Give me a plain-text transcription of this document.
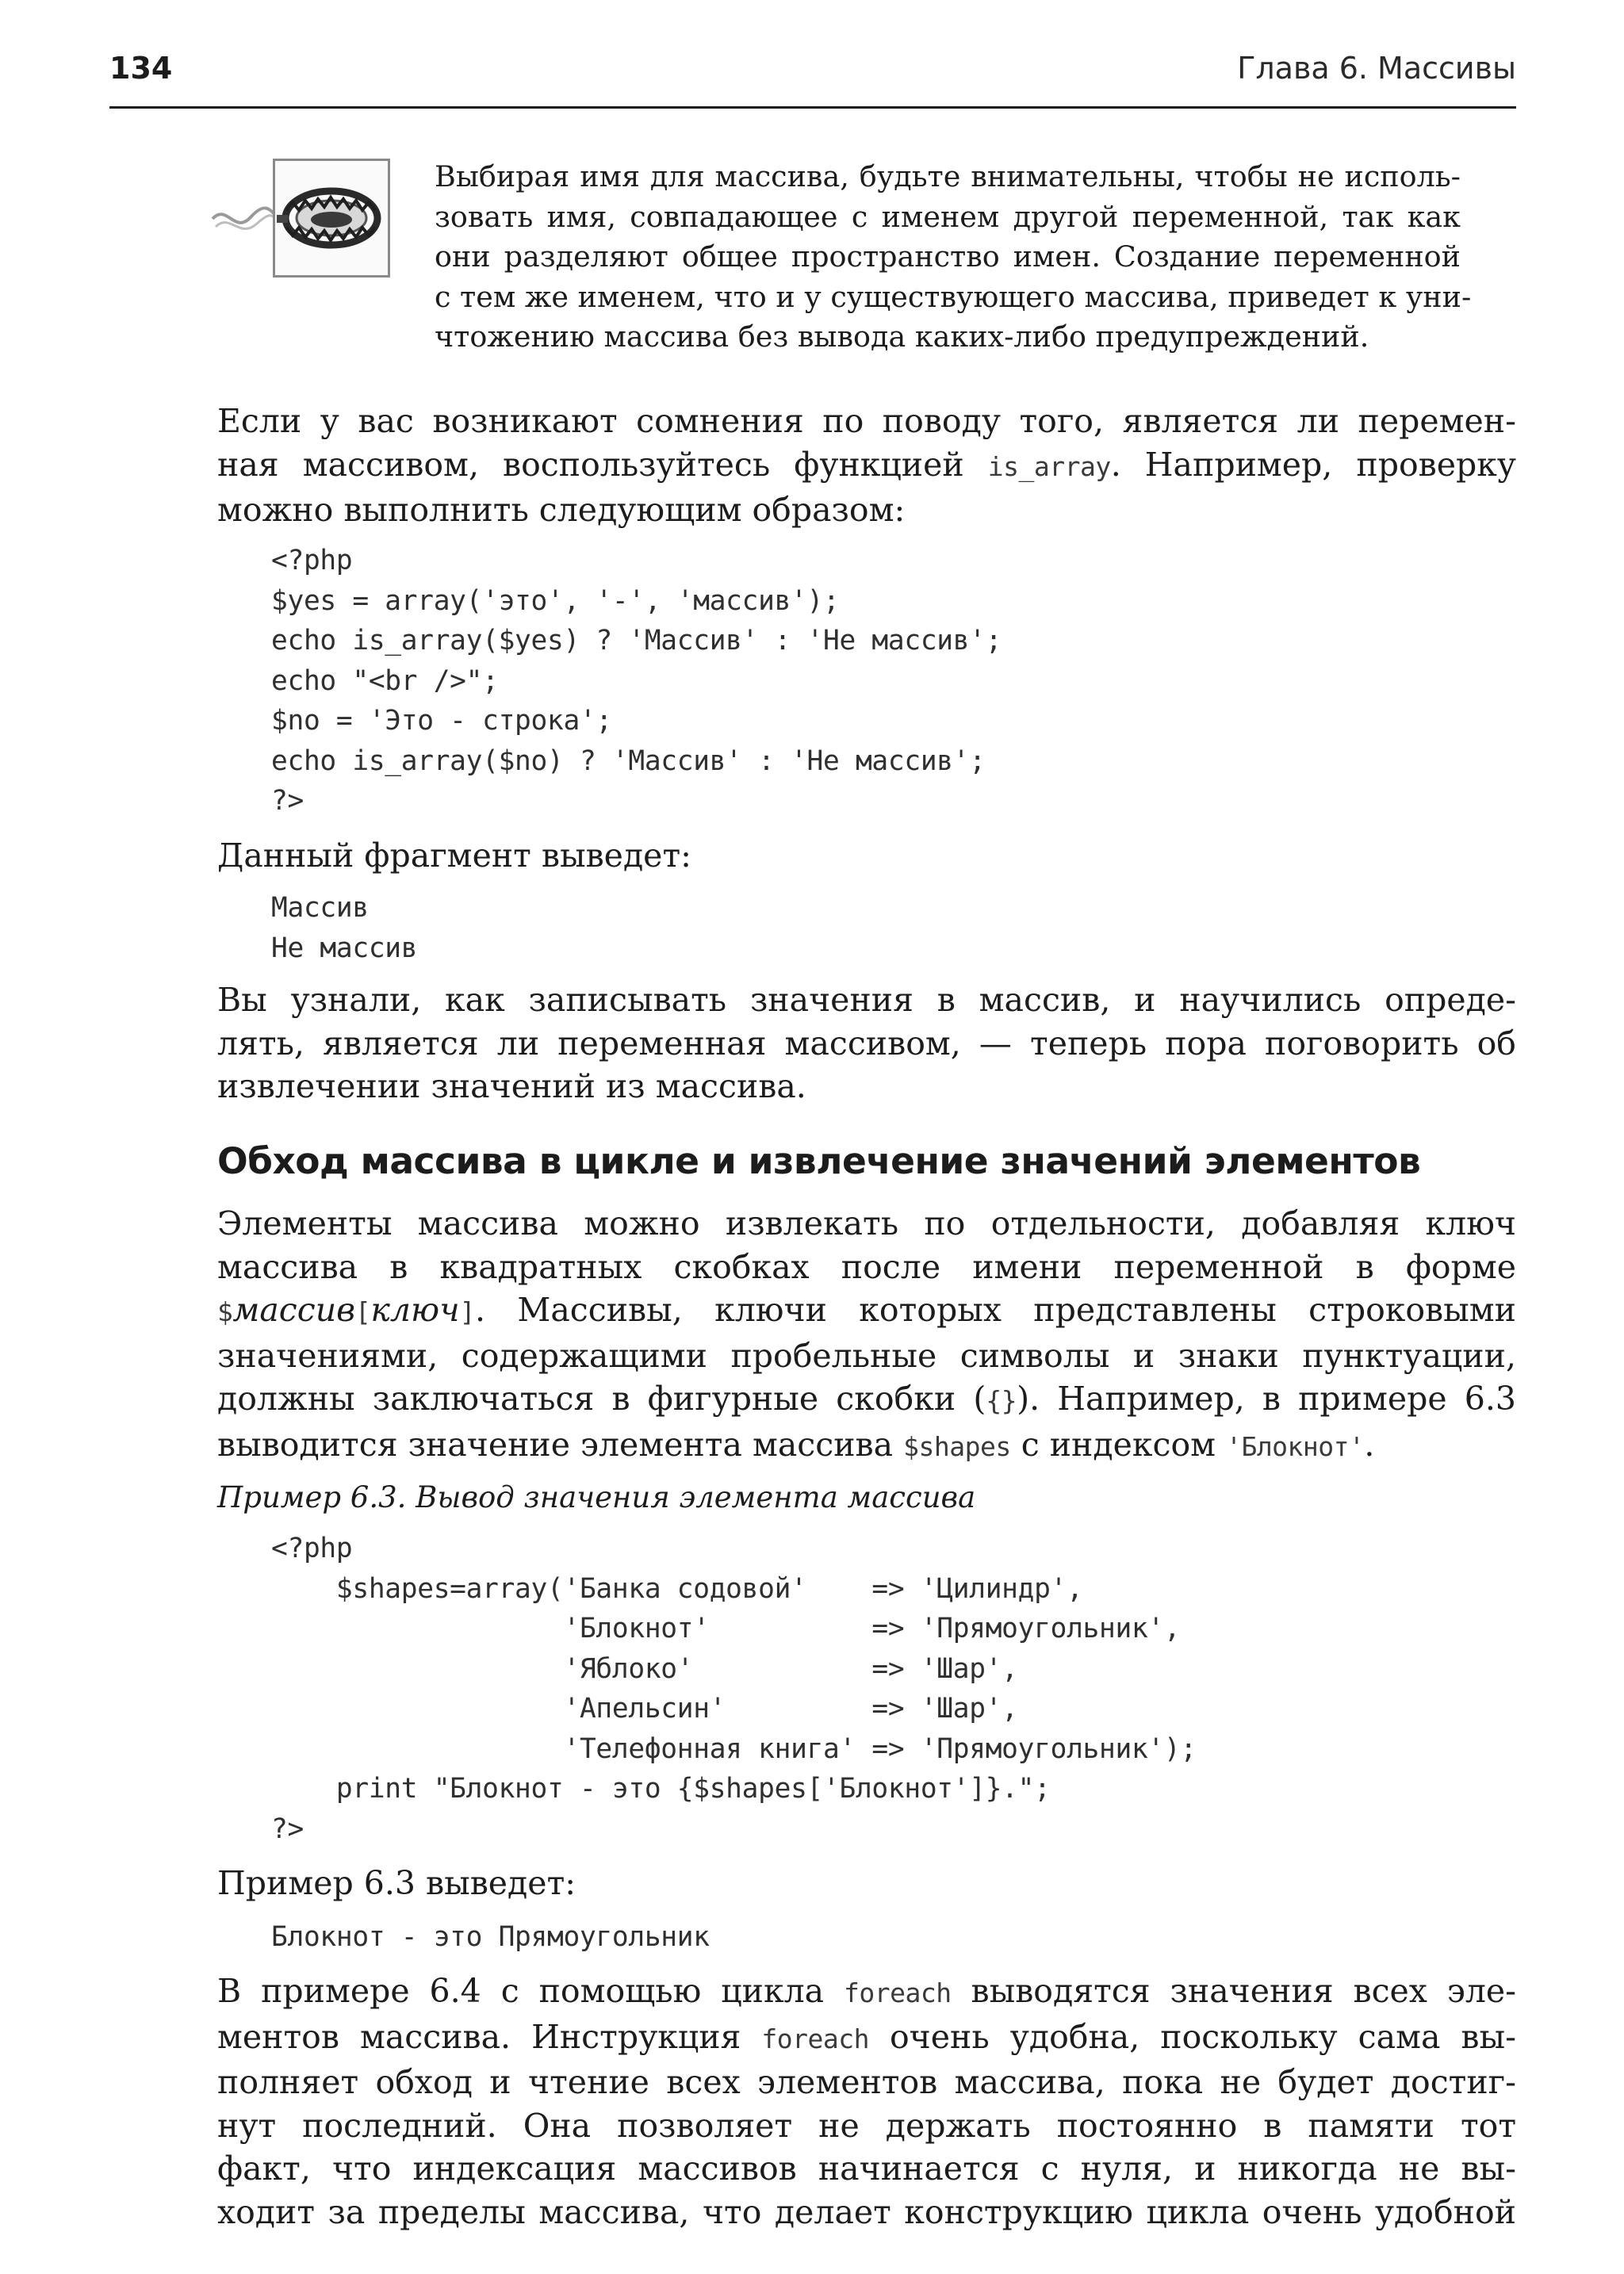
134	Глава 6. Массивы
Выбирая имя для массива, будьте внимательны, чтобы не исполь-
зовать имя, совпадающее с именем другой переменной, так как
они разделяют общее пространство имен. Создание переменной
с тем же именем, что и у существующего массива, приведет к уни-
чтожению массива без вывода каких-либо предупреждений.
Если у вас возникают сомнения по поводу того, является ли перемен-
ная массивом, воспользуйтесь функцией is_array. Например, проверку
можно выполнить следующим образом:
<?php
$yes = array('это', '-', 'массив');
echo is_array($yes) ? 'Массив' : 'Не массив';
echo "<br />";
$no = 'Это - строка';
echo is_array($no) ? 'Массив' : 'Не массив';
?>
Данный фрагмент выведет:
Массив
Не массив
Вы узнали, как записывать значения в массив, и научились опреде-
лять, является ли переменная массивом, — теперь пора поговорить об
извлечении значений из массива.
Обход массива в цикле и извлечение значений элементов
Элементы массива можно извлекать по отдельности, добавляя ключ
массива в квадратных скобках после имени переменной в форме
$массив[ключ]. Массивы, ключи которых представлены строковыми
значениями, содержащими пробельные символы и знаки пунктуации,
должны заключаться в фигурные скобки ({}). Например, в примере 6.3
выводится значение элемента массива $shapes с индексом 'Блокнот'.
Пример 6.3. Вывод значения элемента массива
<?php
$shapes=array('Банка содовой'    => 'Цилиндр',
'Блокнот'          => 'Прямоугольник',
'Яблоко'           => 'Шар',
'Апельсин'         => 'Шар',
'Телефонная книга' => 'Прямоугольник');
print "Блокнот - это {$shapes['Блокнот']}.";
?>
Пример 6.3 выведет:
Блокнот - это Прямоугольник
В примере 6.4 с помощью цикла foreach выводятся значения всех эле-
ментов массива. Инструкция foreach очень удобна, поскольку сама вы-
полняет обход и чтение всех элементов массива, пока не будет достиг-
нут последний. Она позволяет не держать постоянно в памяти тот
факт, что индексация массивов начинается с нуля, и никогда не вы-
ходит за пределы массива, что делает конструкцию цикла очень удобной
